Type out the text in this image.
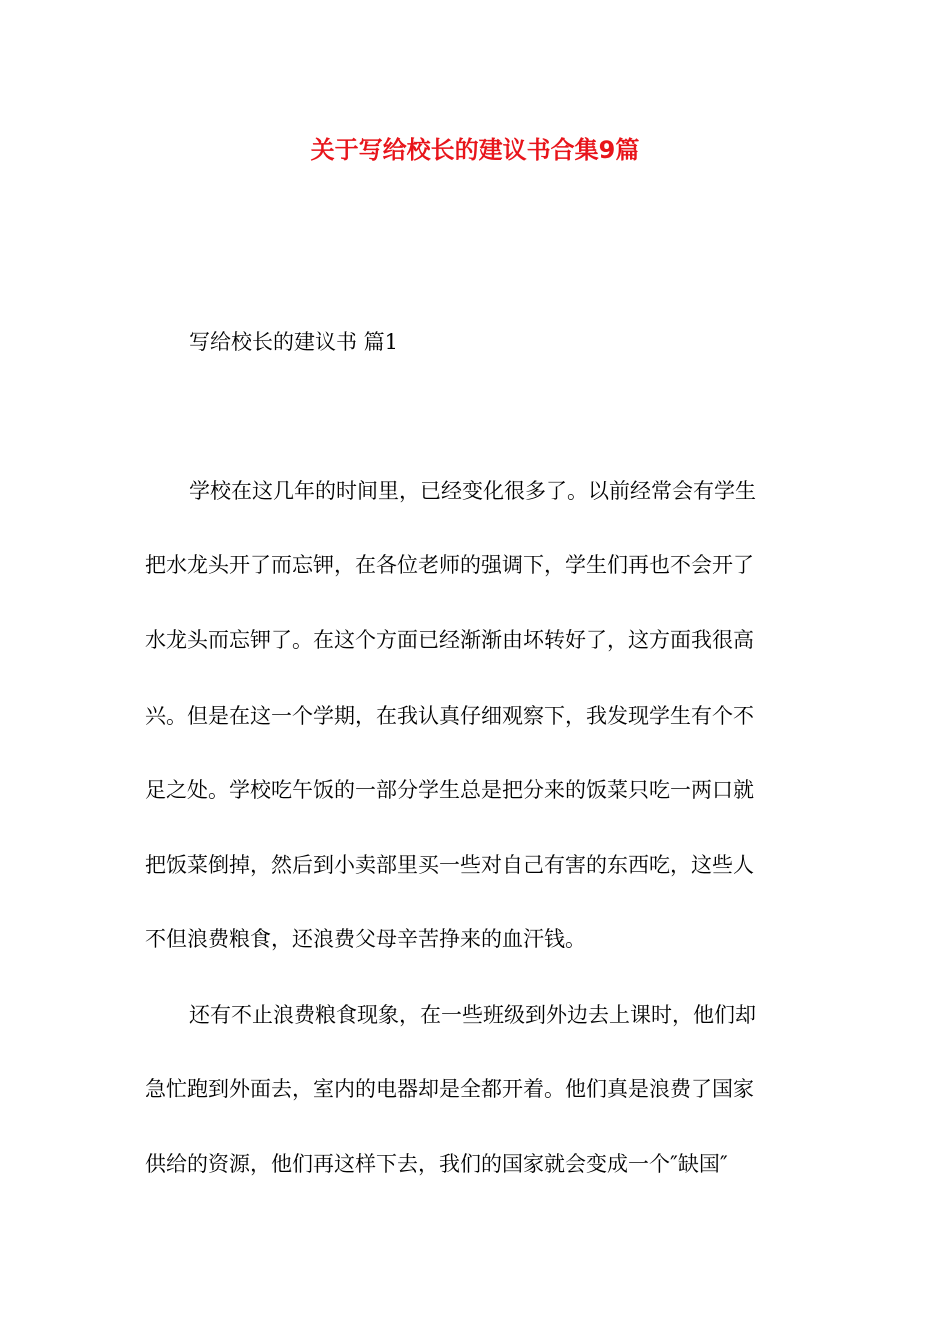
关于写给校长的建议书合集9篇
写给校长的建议书 篇1
学校在这几年的时间里，已经变化很多了。以前经常会有学生
把水龙头开了而忘钾，在各位老师的强调下，学生们再也不会开了
水龙头而忘钾了。在这个方面已经渐渐由坏转好了，这方面我很高
兴。但是在这一个学期，在我认真仔细观察下，我发现学生有个不
足之处。学校吃午饭的一部分学生总是把分来的饭菜只吃一两口就
把饭菜倒掉，然后到小卖部里买一些对自己有害的东西吃，这些人
不但浪费粮食，还浪费父母辛苦挣来的血汗钱。
还有不止浪费粮食现象，在一些班级到外边去上课时，他们却
急忙跑到外面去，室内的电器却是全都开着。他们真是浪费了国家
供给的资源，他们再这样下去，我们的国家就会变成一个″缺国″
